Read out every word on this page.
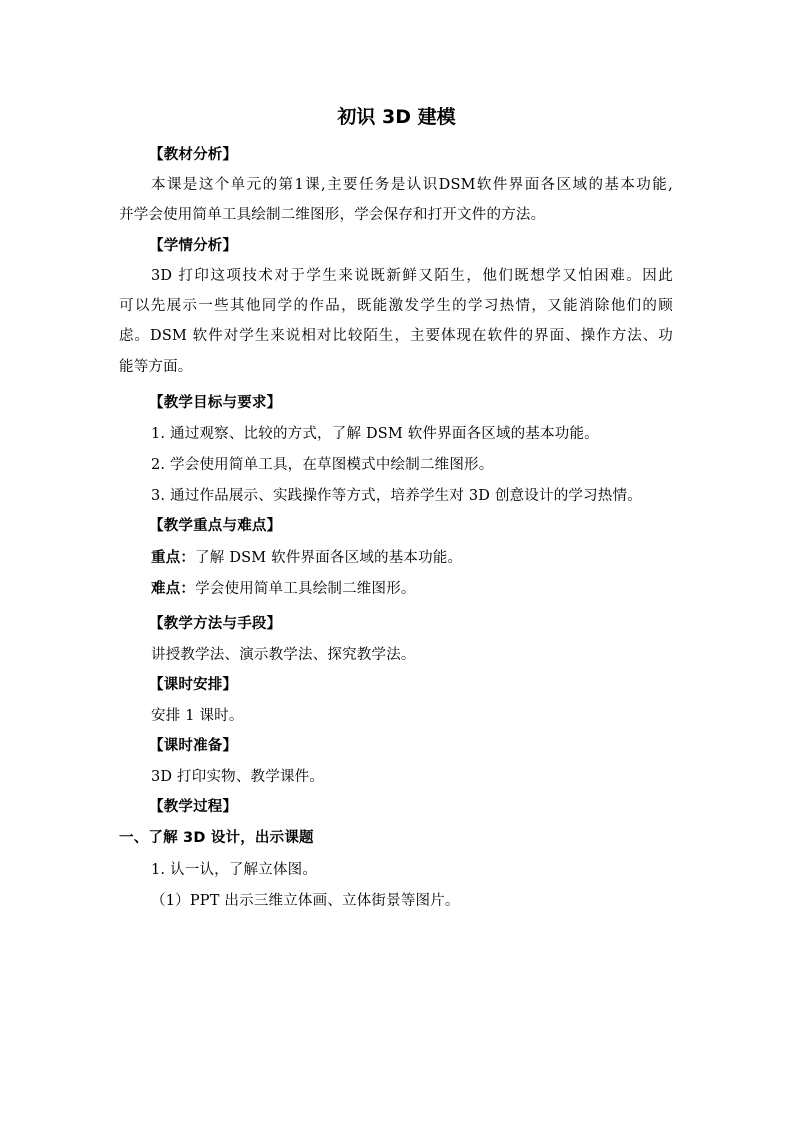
初识 3D 建模
【教材分析】
本课是这个单元的第1课,主要任务是认识DSM软件界面各区域的基本功能,
并学会使用简单工具绘制二维图形，学会保存和打开文件的方法。
【学情分析】
3D 打印这项技术对于学生来说既新鲜又陌生，他们既想学又怕困难。因此
可以先展示一些其他同学的作品，既能激发学生的学习热情，又能消除他们的顾
虑。DSM 软件对学生来说相对比较陌生，主要体现在软件的界面、操作方法、功
能等方面。
【教学目标与要求】
1. 通过观察、比较的方式，了解 DSM 软件界面各区域的基本功能。
2. 学会使用简单工具，在草图模式中绘制二维图形。
3. 通过作品展示、实践操作等方式，培养学生对 3D 创意设计的学习热情。
【教学重点与难点】
重点：了解 DSM 软件界面各区域的基本功能。
难点：学会使用简单工具绘制二维图形。
【教学方法与手段】
讲授教学法、演示教学法、探究教学法。
【课时安排】
安排 1 课时。
【课时准备】
3D 打印实物、教学课件。
【教学过程】
一、了解 3D 设计，出示课题
1. 认一认，了解立体图。
（1）PPT 出示三维立体画、立体街景等图片。
